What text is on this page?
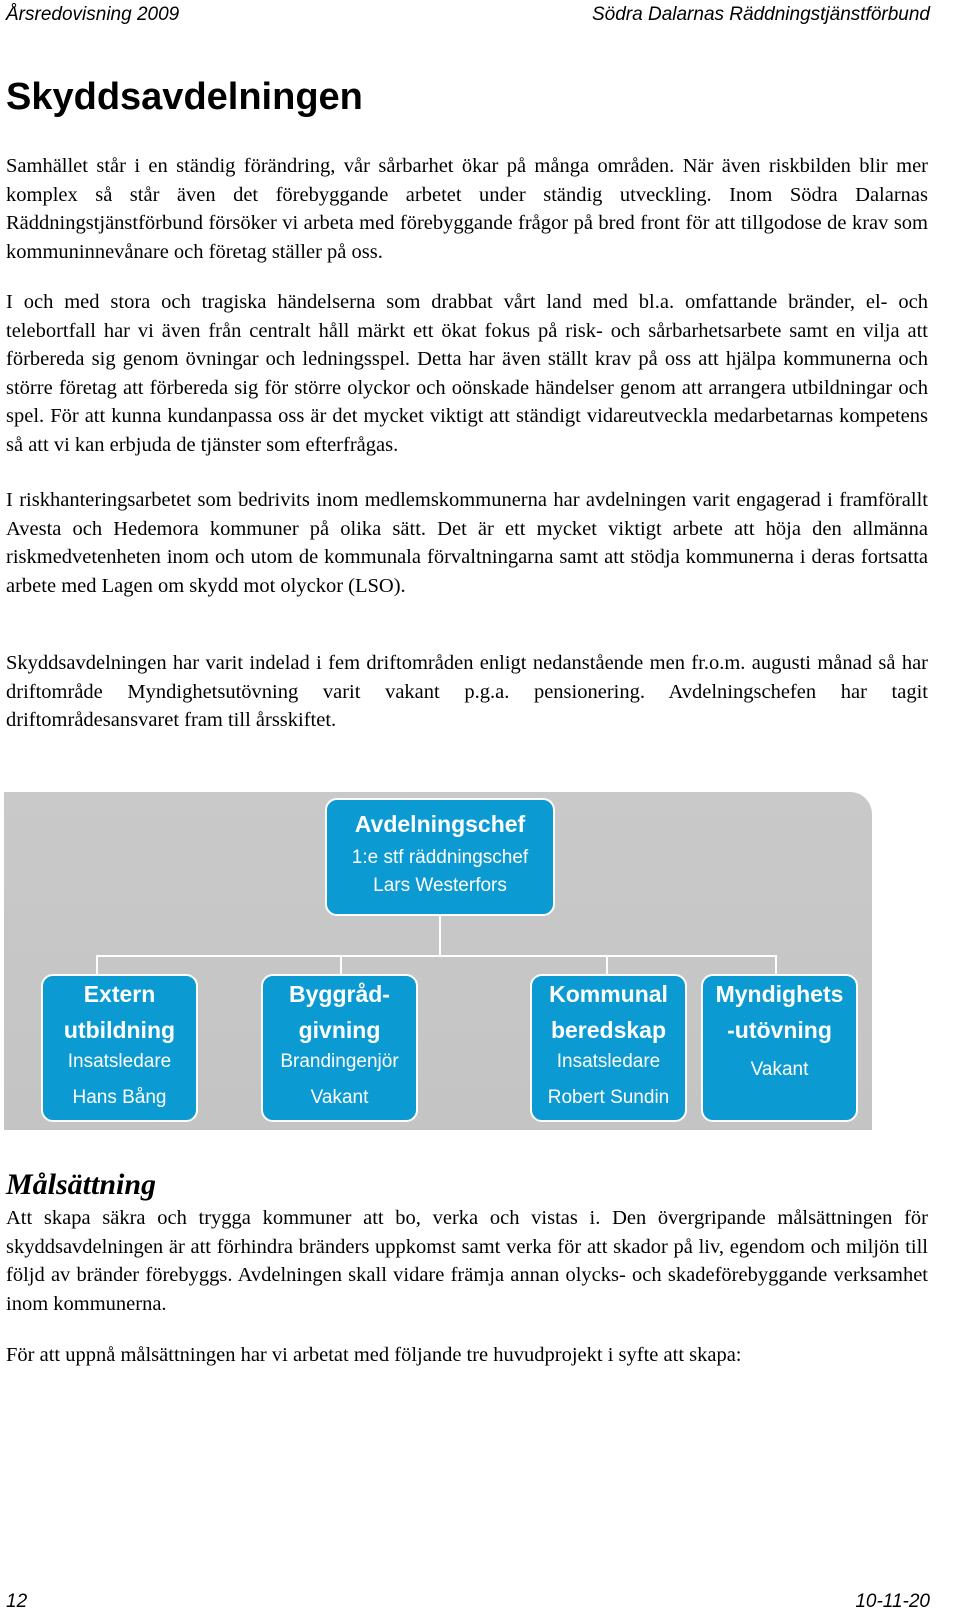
Årsredovisning 2009	Södra Dalarnas Räddningstjänstförbund
Skyddsavdelningen

Samhället står i en ständig förändring, vår sårbarhet ökar på många områden. När även riskbilden blir mer komplex så står även det förebyggande arbetet under ständig utveckling. Inom Södra Dalarnas Räddningstjänstförbund försöker vi arbeta med förebyggande frågor på bred front för att tillgodose de krav som kommuninnevånare och företag ställer på oss.

I och med stora och tragiska händelserna som drabbat vårt land med bl.a. omfattande bränder, el- och telebortfall har vi även från centralt håll märkt ett ökat fokus på risk- och sårbarhetsarbete samt en vilja att förbereda sig genom övningar och ledningsspel. Detta har även ställt krav på oss att hjälpa kommunerna och större företag att förbereda sig för större olyckor och oönskade händelser genom att arrangera utbildningar och spel. För att kunna kundanpassa oss är det mycket viktigt att ständigt vidareutveckla medarbetarnas kompetens så att vi kan erbjuda de tjänster som efterfrågas.

I riskhanteringsarbetet som bedrivits inom medlemskommunerna har avdelningen varit engagerad i framförallt Avesta och Hedemora kommuner på olika sätt. Det är ett mycket viktigt arbete att höja den allmänna riskmedvetenheten inom och utom de kommunala förvaltningarna samt att stödja kommunerna i deras fortsatta arbete med Lagen om skydd mot olyckor (LSO).

Skyddsavdelningen har varit indelad i fem driftområden enligt nedanstående men fr.o.m. augusti månad så har driftområde Myndighetsutövning varit vakant p.g.a. pensionering. Avdelningschefen har tagit driftområdesansvaret fram till årsskiftet.

Avdelningschef
1:e stf räddningschef
Lars Westerfors
Extern
utbildning
Insatsledare
Hans Bång
Byggråd-
givning
Brandingenjör
Vakant
Kommunal
beredskap
Insatsledare
Robert Sundin
Myndighets
-utövning
Vakant
Målsättning

Att skapa säkra och trygga kommuner att bo, verka och vistas i. Den övergripande målsättningen för skyddsavdelningen är att förhindra bränders uppkomst samt verka för att skador på liv, egendom och miljön till följd av bränder förebyggs. Avdelningen skall vidare främja annan olycks- och skadeförebyggande verksamhet inom kommunerna.

För att uppnå målsättningen har vi arbetat med följande tre huvudprojekt i syfte att skapa:

12	10-11-20
